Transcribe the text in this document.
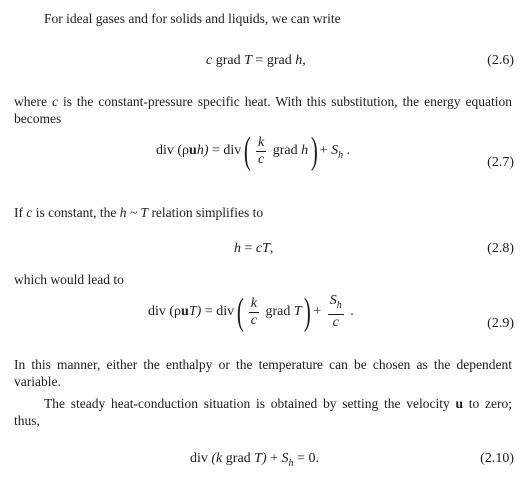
For ideal gases and for solids and liquids, we can write

c grad T = grad h,	(2.6)

where c is the constant-pressure specific heat. With this substitution, the energy equation becomes

div (ρuh) = div ( $\frac{k}{c}$ grad h ) + $S_h$ .
(2.7)

If c is constant, the h ~ T relation simplifies to

h = cT,	(2.8)

which would lead to

div (ρuT) = div ( $\frac{k}{c}$ grad T ) + $\frac{S_h}{c}$ .
(2.9)

In this manner, either the enthalpy or the temperature can be chosen as the dependent variable.

The steady heat-conduction situation is obtained by setting the velocity u to zero; thus,

div (k grad $T) + S_h = 0$.	(2.10)
